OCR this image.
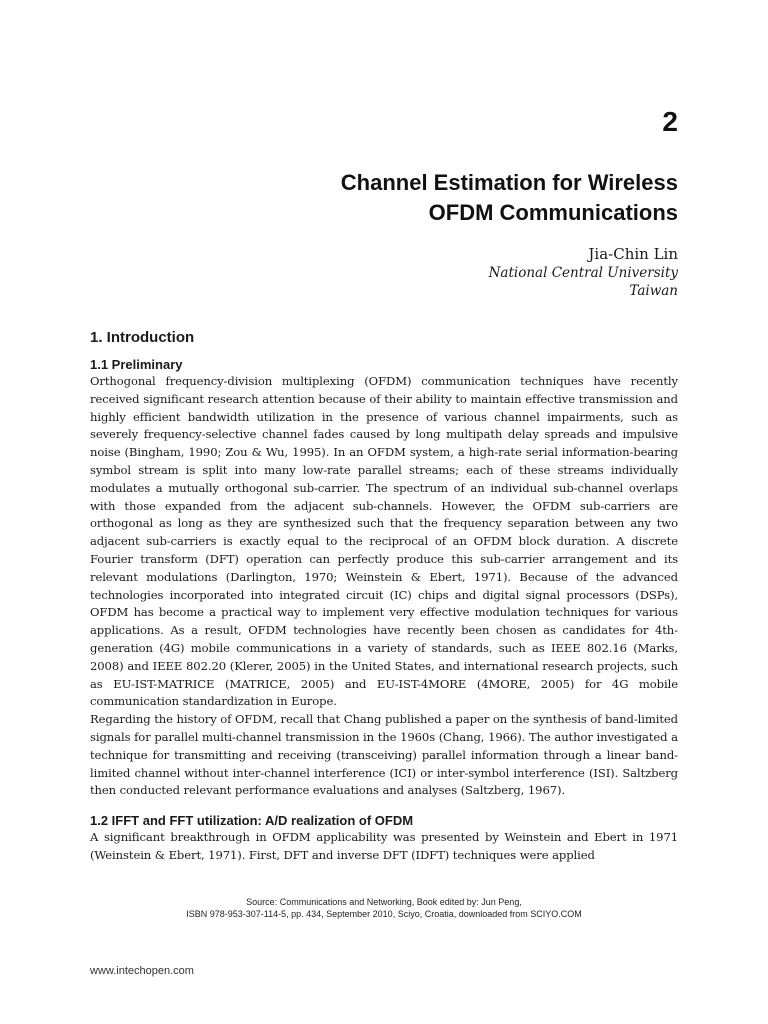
2
Channel Estimation for Wireless
OFDM Communications
Jia-Chin Lin
National Central University
Taiwan
1. Introduction
1.1 Preliminary

Orthogonal frequency-division multiplexing (OFDM) communication techniques have recently received significant research attention because of their ability to maintain effective transmission and highly efficient bandwidth utilization in the presence of various channel impairments, such as severely frequency-selective channel fades caused by long multipath delay spreads and impulsive noise (Bingham, 1990; Zou & Wu, 1995). In an OFDM system, a high-rate serial information-bearing symbol stream is split into many low-rate parallel streams; each of these streams individually modulates a mutually orthogonal sub-carrier. The spectrum of an individual sub-channel overlaps with those expanded from the adjacent sub-channels. However, the OFDM sub-carriers are orthogonal as long as they are synthesized such that the frequency separation between any two adjacent sub-carriers is exactly equal to the reciprocal of an OFDM block duration. A discrete Fourier transform (DFT) operation can perfectly produce this sub-carrier arrangement and its relevant modulations (Darlington, 1970; Weinstein & Ebert, 1971). Because of the advanced technologies incorporated into integrated circuit (IC) chips and digital signal processors (DSPs), OFDM has become a practical way to implement very effective modulation techniques for various applications. As a result, OFDM technologies have recently been chosen as candidates for 4th-generation (4G) mobile communications in a variety of standards, such as IEEE 802.16 (Marks, 2008) and IEEE 802.20 (Klerer, 2005) in the United States, and international research projects, such as EU-IST-MATRICE (MATRICE, 2005) and EU-IST-4MORE (4MORE, 2005) for 4G mobile communication standardization in Europe.

Regarding the history of OFDM, recall that Chang published a paper on the synthesis of band-limited signals for parallel multi-channel transmission in the 1960s (Chang, 1966). The author investigated a technique for transmitting and receiving (transceiving) parallel information through a linear band-limited channel without inter-channel interference (ICI) or inter-symbol interference (ISI). Saltzberg then conducted relevant performance evaluations and analyses (Saltzberg, 1967).

1.2 IFFT and FFT utilization: A/D realization of OFDM

A significant breakthrough in OFDM applicability was presented by Weinstein and Ebert in 1971 (Weinstein & Ebert, 1971). First, DFT and inverse DFT (IDFT) techniques were applied

Source: Communications and Networking, Book edited by: Jun Peng,
ISBN 978-953-307-114-5, pp. 434, September 2010, Sciyo, Croatia, downloaded from SCIYO.COM
www.intechopen.com
